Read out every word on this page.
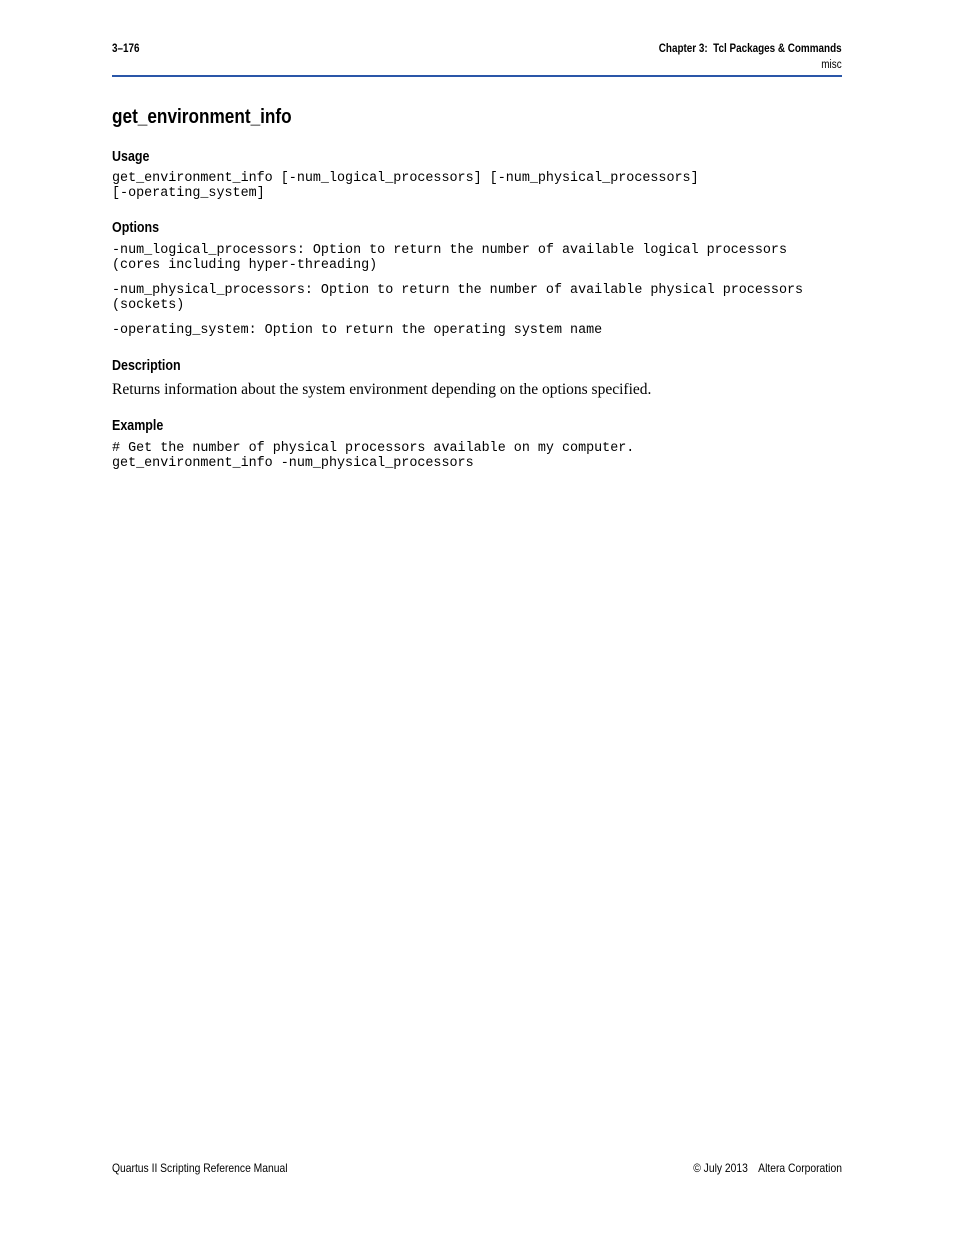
3–176	Chapter 3:  Tcl Packages & Commands
misc
get_environment_info
Usage
get_environment_info [-num_logical_processors] [-num_physical_processors]
[-operating_system]
Options
-num_logical_processors: Option to return the number of available logical processors
(cores including hyper-threading)
-num_physical_processors: Option to return the number of available physical processors
(sockets)
-operating_system: Option to return the operating system name
Description

Returns information about the system environment depending on the options specified.

Example
# Get the number of physical processors available on my computer.
get_environment_info -num_physical_processors
Quartus II Scripting Reference Manual	© July 2013 Altera Corporation
